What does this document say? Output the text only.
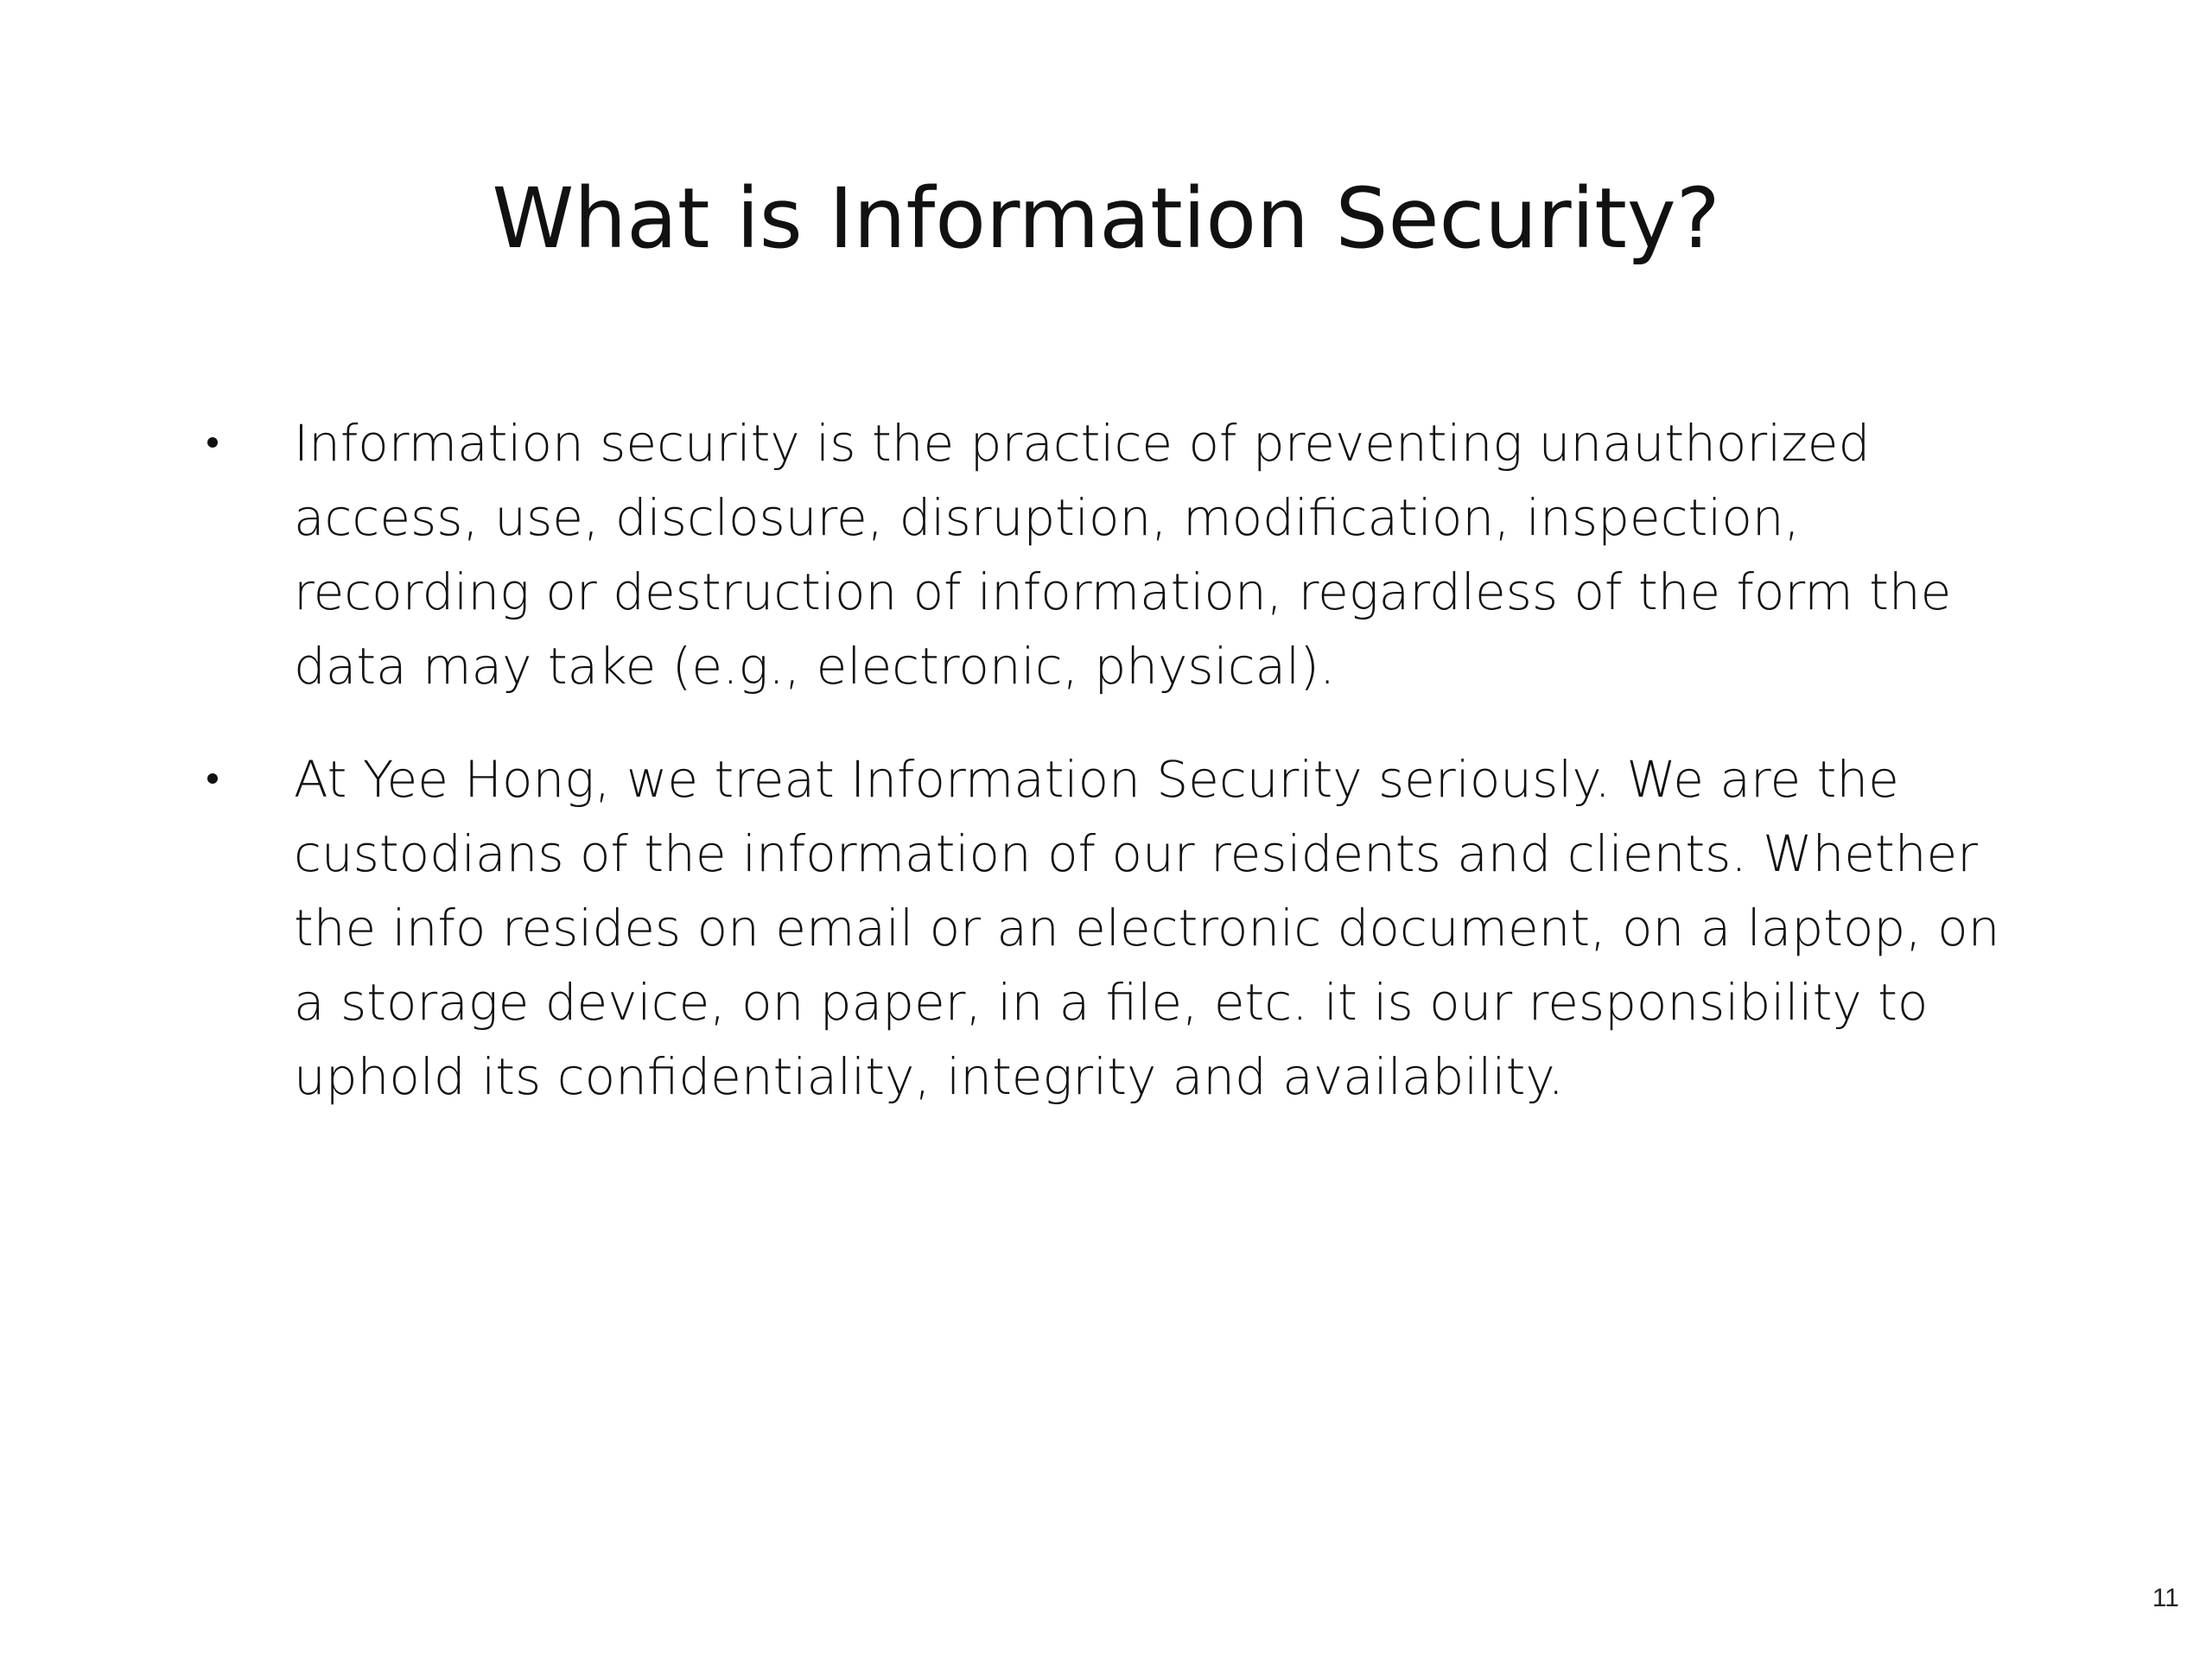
What is Information Security?
Information security is the practice of preventing unauthorized access, use, disclosure, disruption, modification, inspection, recording or destruction of information, regardless of the form the data may take (e.g., electronic, physical).
At Yee Hong, we treat Information Security seriously. We are the custodians of the information of our residents and clients. Whether the info resides on email or an electronic document, on a laptop, on a storage device, on paper, in a file, etc. it is our responsibility to uphold its confidentiality, integrity and availability.
11
